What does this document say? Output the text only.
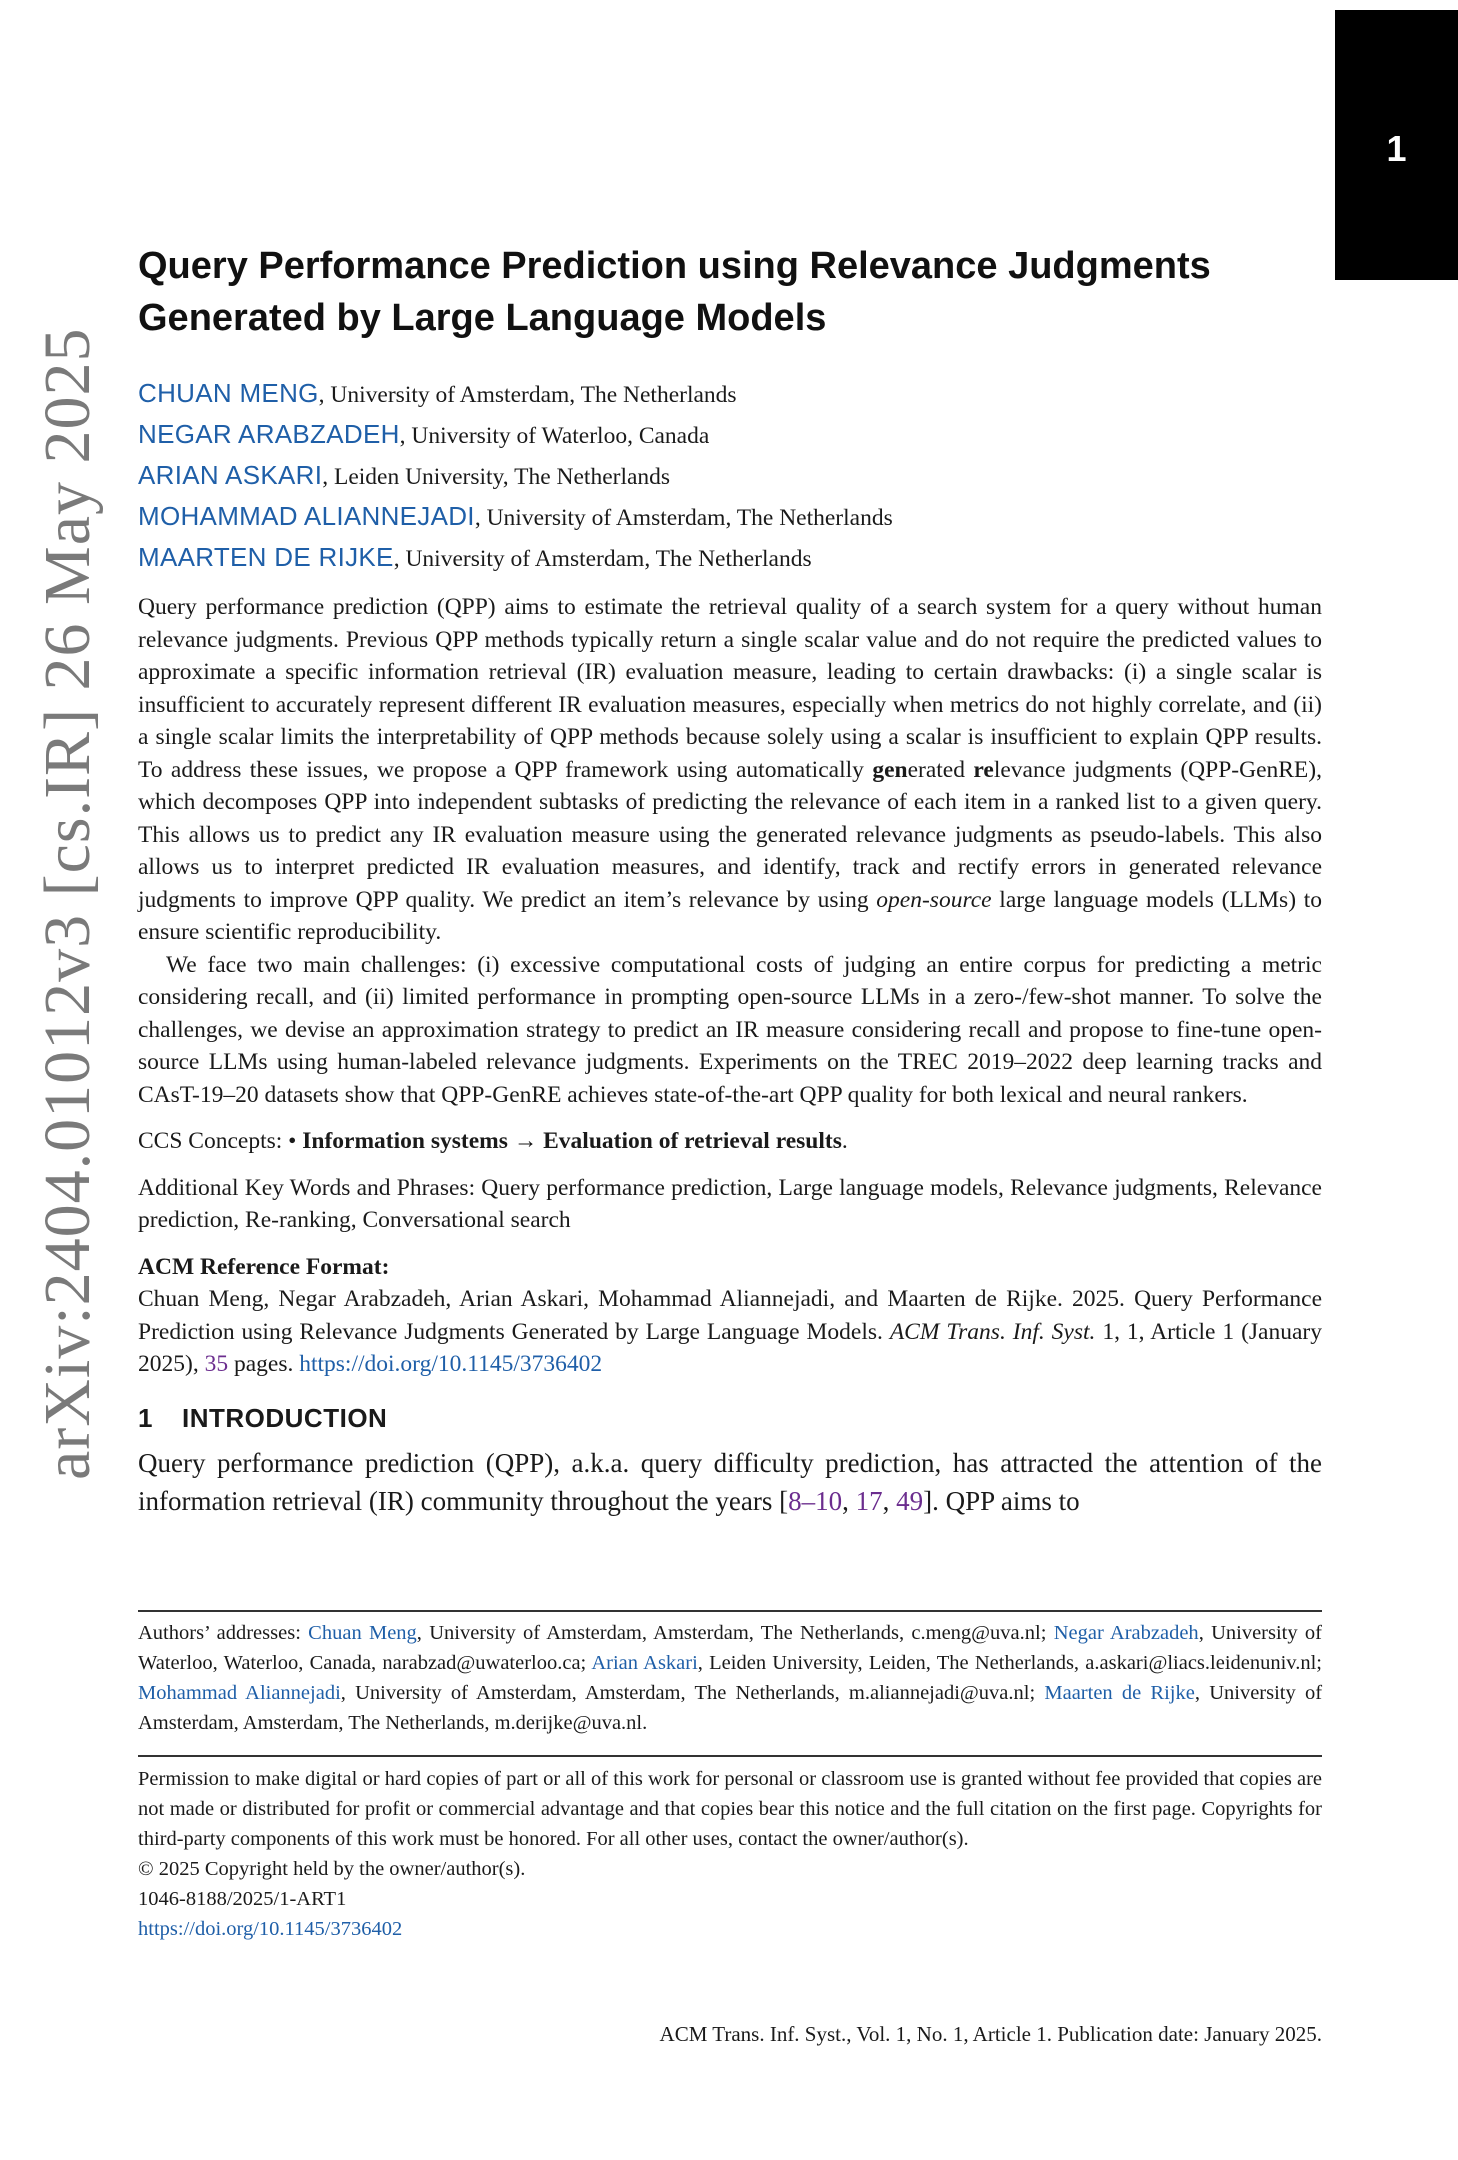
1
arXiv:2404.01012v3 [cs.IR] 26 May 2025
Query Performance Prediction using Relevance Judgments
Generated by Large Language Models
CHUAN MENG, University of Amsterdam, The Netherlands
NEGAR ARABZADEH, University of Waterloo, Canada
ARIAN ASKARI, Leiden University, The Netherlands
MOHAMMAD ALIANNEJADI, University of Amsterdam, The Netherlands
MAARTEN DE RIJKE, University of Amsterdam, The Netherlands

Query performance prediction (QPP) aims to estimate the retrieval quality of a search system for a query without human relevance judgments. Previous QPP methods typically return a single scalar value and do not require the predicted values to approximate a specific information retrieval (IR) evaluation measure, leading to certain drawbacks: (i) a single scalar is insufficient to accurately represent different IR evaluation measures, especially when metrics do not highly correlate, and (ii) a single scalar limits the interpretability of QPP methods because solely using a scalar is insufficient to explain QPP results. To address these issues, we propose a QPP framework using automatically generated relevance judgments (QPP-GenRE), which decomposes QPP into independent subtasks of predicting the relevance of each item in a ranked list to a given query. This allows us to predict any IR evaluation measure using the generated relevance judgments as pseudo-labels. This also allows us to interpret predicted IR evaluation measures, and identify, track and rectify errors in generated relevance judgments to improve QPP quality. We predict an item’s relevance by using open-source large language models (LLMs) to ensure scientific reproducibility.

We face two main challenges: (i) excessive computational costs of judging an entire corpus for predicting a metric considering recall, and (ii) limited performance in prompting open-source LLMs in a zero-/few-shot manner. To solve the challenges, we devise an approximation strategy to predict an IR measure considering recall and propose to fine-tune open-source LLMs using human-labeled relevance judgments. Experiments on the TREC 2019–2022 deep learning tracks and CAsT-19–20 datasets show that QPP-GenRE achieves state-of-the-art QPP quality for both lexical and neural rankers.

CCS Concepts: • Information systems → Evaluation of retrieval results.
Additional Key Words and Phrases: Query performance prediction, Large language models, Relevance judgments, Relevance prediction, Re-ranking, Conversational search
ACM Reference Format:
Chuan Meng, Negar Arabzadeh, Arian Askari, Mohammad Aliannejadi, and Maarten de Rijke. 2025. Query Performance Prediction using Relevance Judgments Generated by Large Language Models. ACM Trans. Inf. Syst. 1, 1, Article 1 (January 2025), 35 pages. https://doi.org/10.1145/3736402
1 INTRODUCTION
Query performance prediction (QPP), a.k.a. query difficulty prediction, has attracted the attention of the information retrieval (IR) community throughout the years [8–10, 17, 49]. QPP aims to
Authors’ addresses: Chuan Meng, University of Amsterdam, Amsterdam, The Netherlands, c.meng@uva.nl; Negar Arabzadeh, University of Waterloo, Waterloo, Canada, narabzad@uwaterloo.ca; Arian Askari, Leiden University, Leiden, The Netherlands, a.askari@liacs.leidenuniv.nl; Mohammad Aliannejadi, University of Amsterdam, Amsterdam, The Netherlands, m.aliannejadi@uva.nl; Maarten de Rijke, University of Amsterdam, Amsterdam, The Netherlands, m.derijke@uva.nl.
Permission to make digital or hard copies of part or all of this work for personal or classroom use is granted without fee provided that copies are not made or distributed for profit or commercial advantage and that copies bear this notice and the full citation on the first page. Copyrights for third-party components of this work must be honored. For all other uses, contact the owner/author(s).
© 2025 Copyright held by the owner/author(s).
1046-8188/2025/1-ART1
https://doi.org/10.1145/3736402
ACM Trans. Inf. Syst., Vol. 1, No. 1, Article 1. Publication date: January 2025.
